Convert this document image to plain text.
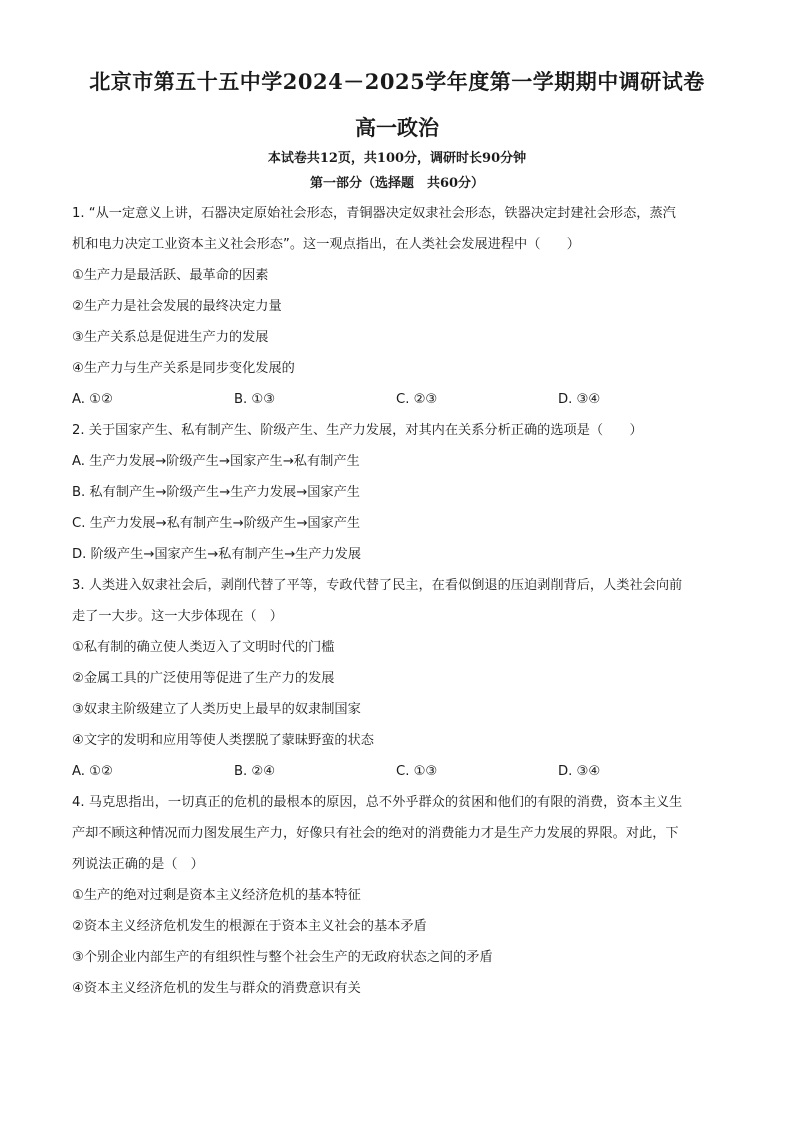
北京市第五十五中学2024－2025学年度第一学期期中调研试卷
高一政治
本试卷共12页，共100分，调研时长90分钟
第一部分（选择题　共60分）
1. “从一定意义上讲，石器决定原始社会形态，青铜器决定奴隶社会形态，铁器决定封建社会形态，蒸汽
机和电力决定工业资本主义社会形态”。这一观点指出，在人类社会发展进程中（　　）
①生产力是最活跃、最革命的因素
②生产力是社会发展的最终决定力量
③生产关系总是促进生产力的发展
④生产力与生产关系是同步变化发展的
A. ①②	B. ①③	C. ②③	D. ③④
2. 关于国家产生、私有制产生、阶级产生、生产力发展，对其内在关系分析正确的选项是（　　）
A. 生产力发展→阶级产生→国家产生→私有制产生
B. 私有制产生→阶级产生→生产力发展→国家产生
C. 生产力发展→私有制产生→阶级产生→国家产生
D. 阶级产生→国家产生→私有制产生→生产力发展
3. 人类进入奴隶社会后，剥削代替了平等，专政代替了民主，在看似倒退的压迫剥削背后，人类社会向前
走了一大步。这一大步体现在（　）
①私有制的确立使人类迈入了文明时代的门槛
②金属工具的广泛使用等促进了生产力的发展
③奴隶主阶级建立了人类历史上最早的奴隶制国家
④文字的发明和应用等使人类摆脱了蒙昧野蛮的状态
A. ①②	B. ②④	C. ①③	D. ③④
4. 马克思指出，一切真正的危机的最根本的原因，总不外乎群众的贫困和他们的有限的消费，资本主义生
产却不顾这种情况而力图发展生产力，好像只有社会的绝对的消费能力才是生产力发展的界限。对此，下
列说法正确的是（　）
①生产的绝对过剩是资本主义经济危机的基本特征
②资本主义经济危机发生的根源在于资本主义社会的基本矛盾
③个别企业内部生产的有组织性与整个社会生产的无政府状态之间的矛盾
④资本主义经济危机的发生与群众的消费意识有关
